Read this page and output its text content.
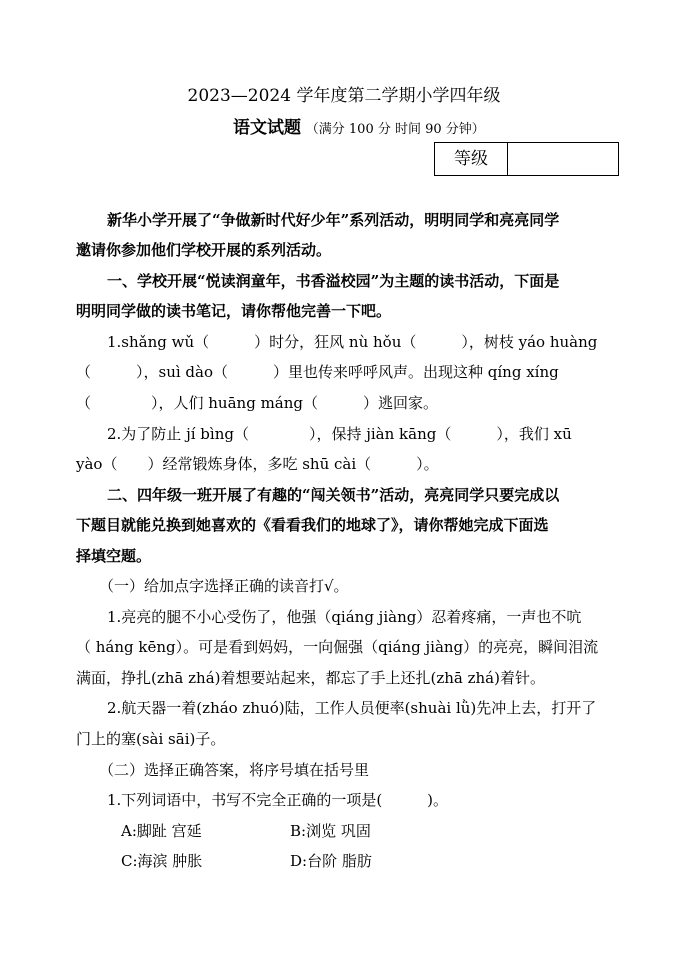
2023—2024 学年度第二学期小学四年级
语文试题 （满分 100 分 时间 90 分钟）
等级
新华小学开展了“争做新时代好少年”系列活动，明明同学和亮亮同学
邀请你参加他们学校开展的系列活动。
一、学校开展“悦读润童年，书香溢校园”为主题的读书活动，下面是
明明同学做的读书笔记，请你帮他完善一下吧。
1.shǎng wǔ（　　　）时分，狂风 nù hǒu（　　　），树枝 yáo huàng
（　　　），suì dào（　　　）里也传来呼呼风声。出现这种 qíng xíng
（　　　　），人们 huāng máng（　　　）逃回家。
2.为了防止 jí bìng（　　　　），保持 jiàn kāng（　　　），我们 xū
yào（　　）经常锻炼身体，多吃 shū cài（　　　）。
二、四年级一班开展了有趣的“闯关领书”活动，亮亮同学只要完成以
下题目就能兑换到她喜欢的《看看我们的地球了》，请你帮她完成下面选
择填空题。
（一）给加点字选择正确的读音打√。
1.亮亮的腿不小心受伤了，他强（qiáng jiàng）忍着疼痛，一声也不吭
（ háng kēng）。可是看到妈妈，一向倔强（qiáng jiàng）的亮亮，瞬间泪流
满面，挣扎(zhā zhá)着想要站起来，都忘了手上还扎(zhā zhá)着针。
2.航天器一着(zháo zhuó)陆，工作人员便率(shuài lǜ)先冲上去，打开了
门上的塞(sài sāi)子。
（二）选择正确答案，将序号填在括号里
1.下列词语中，书写不完全正确的一项是(　　　)。
A:脚趾 宫延	B:浏览 巩固
C:海滨 肿胀	D:台阶 脂肪
